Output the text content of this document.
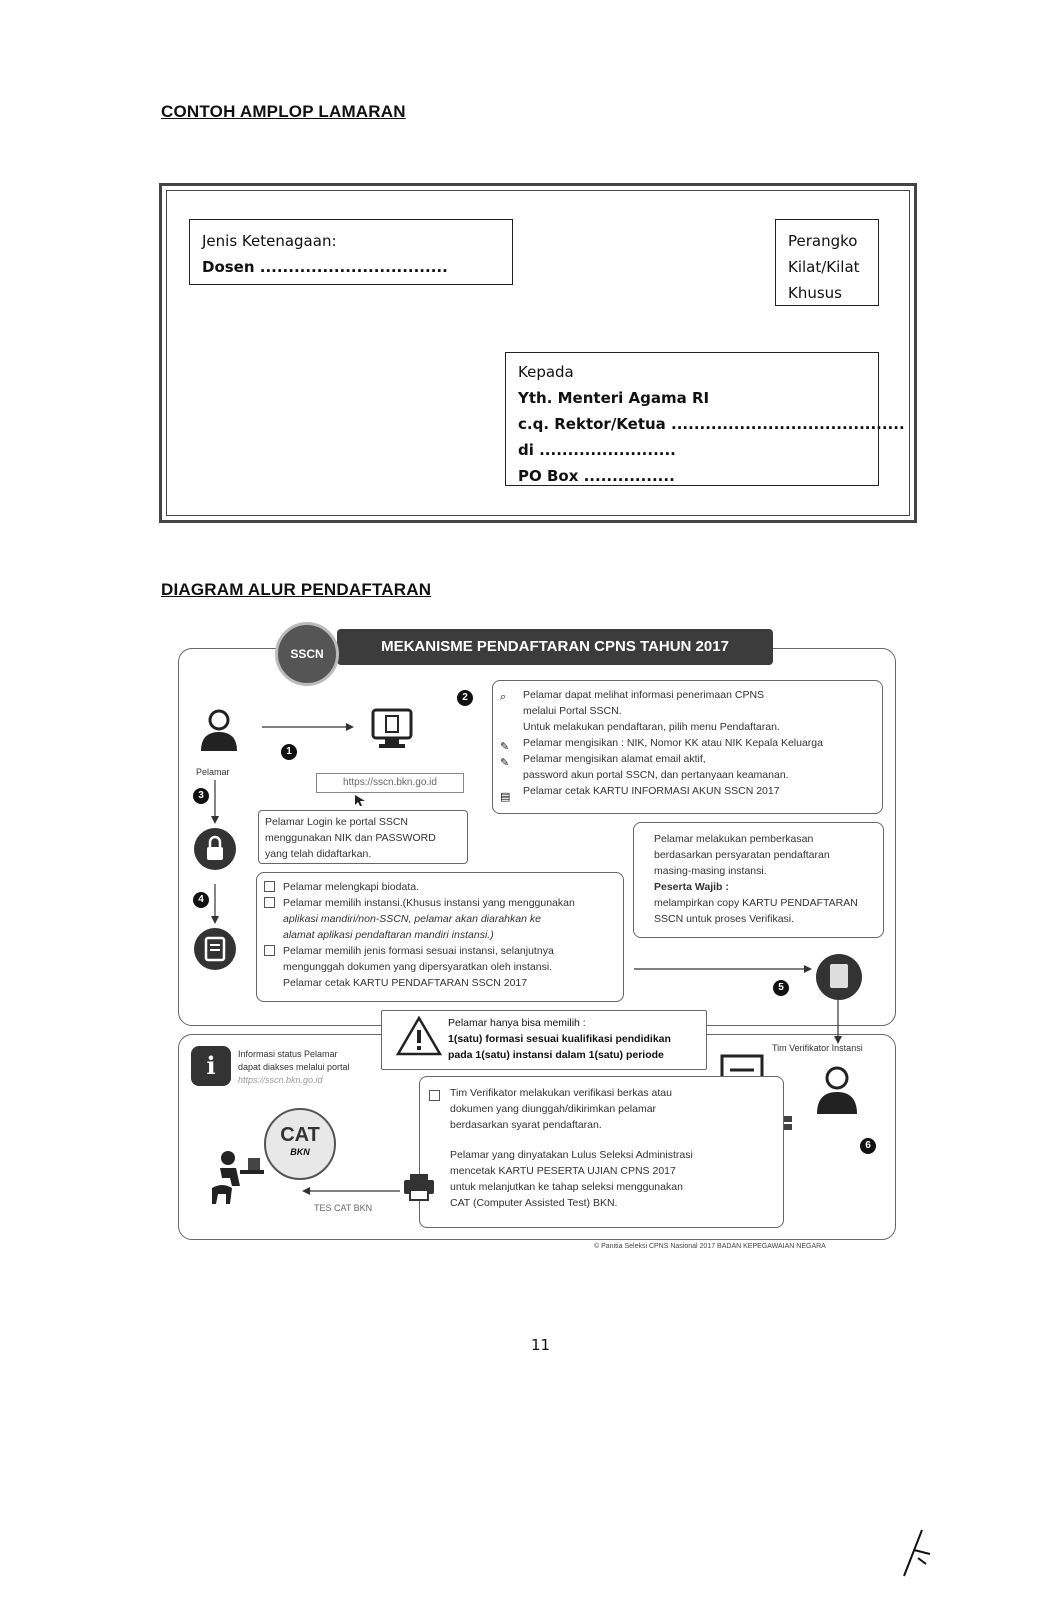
CONTOH AMPLOP LAMARAN
Jenis Ketenagaan:
Dosen .................................
Perangko
Kilat/Kilat
Khusus
Kepada
Yth. Menteri Agama RI
c.q. Rektor/Ketua .........................................
di ........................
PO Box ................
DIAGRAM ALUR PENDAFTARAN
MEKANISME PENDAFTARAN CPNS TAHUN 2017
SSCN
Pelamar
1
https://sscn.bkn.go.id
2	Pelamar dapat melihat informasi penerimaan CPNS
melalui Portal SSCN.
Untuk melakukan pendaftaran, pilih menu Pendaftaran.
Pelamar mengisikan : NIK, Nomor KK atau NIK Kepala Keluarga
Pelamar mengisikan alamat email aktif,
password akun portal SSCN, dan pertanyaan keamanan.
Pelamar cetak KARTU INFORMASI AKUN SSCN 2017
⌕
✎
✎
▤
3
Pelamar Login ke portal SSCN
menggunakan NIK dan PASSWORD
yang telah didaftarkan.
4
Pelamar melengkapi biodata.
Pelamar memilih instansi.(Khusus instansi yang menggunakan
aplikasi mandiri/non-SSCN, pelamar akan diarahkan ke
alamat aplikasi pendaftaran mandiri instansi.)
Pelamar memilih jenis formasi sesuai instansi, selanjutnya
mengunggah dokumen yang dipersyaratkan oleh instansi.
Pelamar cetak KARTU PENDAFTARAN SSCN 2017
Pelamar melakukan pemberkasan
berdasarkan persyaratan pendaftaran
masing-masing instansi.
Peserta Wajib :
melampirkan copy KARTU PENDAFTARAN
SSCN untuk proses Verifikasi.
5
Pelamar hanya bisa memilih :
1(satu) formasi sesuai kualifikasi pendidikan
pada 1(satu) instansi dalam 1(satu) periode
i	Informasi status Pelamar
dapat diakses melalui portal
https://sscn.bkn.go.id
Tim Verifikator Instansi
6
Tim Verifikator melakukan verifikasi berkas atau
dokumen yang diunggah/dikirimkan pelamar
berdasarkan syarat pendaftaran.
Pelamar yang dinyatakan Lulus Seleksi Administrasi
mencetak KARTU PESERTA UJIAN CPNS 2017
untuk melanjutkan ke tahap seleksi menggunakan
CAT (Computer Assisted Test) BKN.
CAT
BKN
TES CAT BKN
© Panitia Seleksi CPNS Nasional 2017 BADAN KEPEGAWAIAN NEGARA
11
